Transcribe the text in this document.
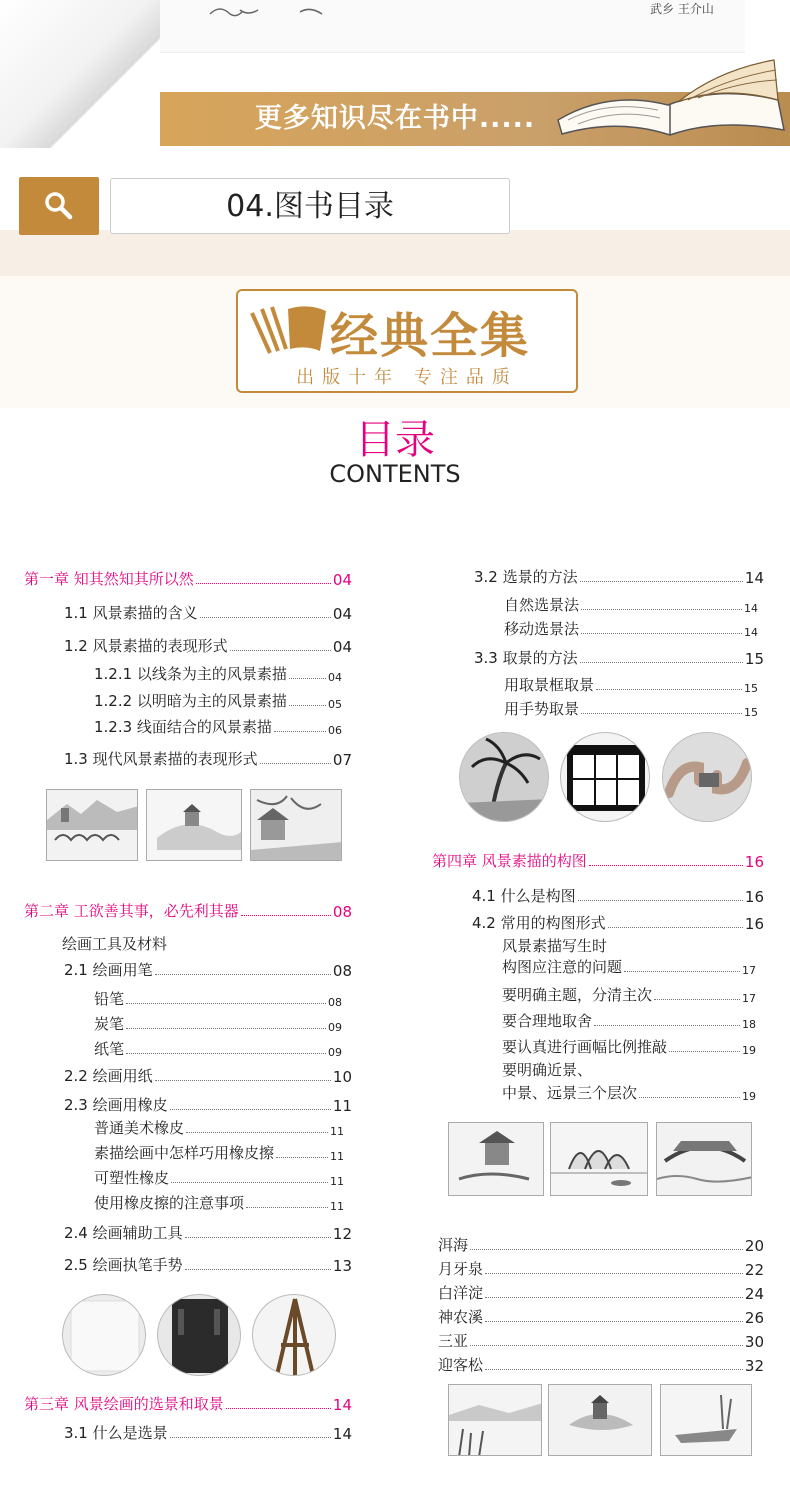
武乡 王介山
更多知识尽在书中.....
04.图书目录
经典全集
出版十年 专注品质
目录
CONTENTS
第一章 知其然知其所以然	04
1.1 风景素描的含义	04
1.2 风景素描的表现形式	04
1.2.1 以线条为主的风景素描	04
1.2.2 以明暗为主的风景素描	05
1.2.3 线面结合的风景素描	06
1.3 现代风景素描的表现形式	07
第二章 工欲善其事，必先利其器	08
绘画工具及材料
2.1 绘画用笔	08
铅笔	08
炭笔	09
纸笔	09
2.2 绘画用纸	10
2.3 绘画用橡皮	11
普通美术橡皮	11
素描绘画中怎样巧用橡皮擦	11
可塑性橡皮	11
使用橡皮擦的注意事项	11
2.4 绘画辅助工具	12
2.5 绘画执笔手势	13
第三章 风景绘画的选景和取景	14
3.1 什么是选景	14
3.2 选景的方法	14
自然选景法	14
移动选景法	14
3.3 取景的方法	15
用取景框取景	15
用手势取景	15
第四章 风景素描的构图	16
4.1 什么是构图	16
4.2 常用的构图形式	16
风景素描写生时
构图应注意的问题	17
要明确主题，分清主次	17
要合理地取舍	18
要认真进行画幅比例推敲	19
要明确近景、
中景、远景三个层次	19
洱海	20
月牙泉	22
白洋淀	24
神农溪	26
三亚	30
迎客松	32
